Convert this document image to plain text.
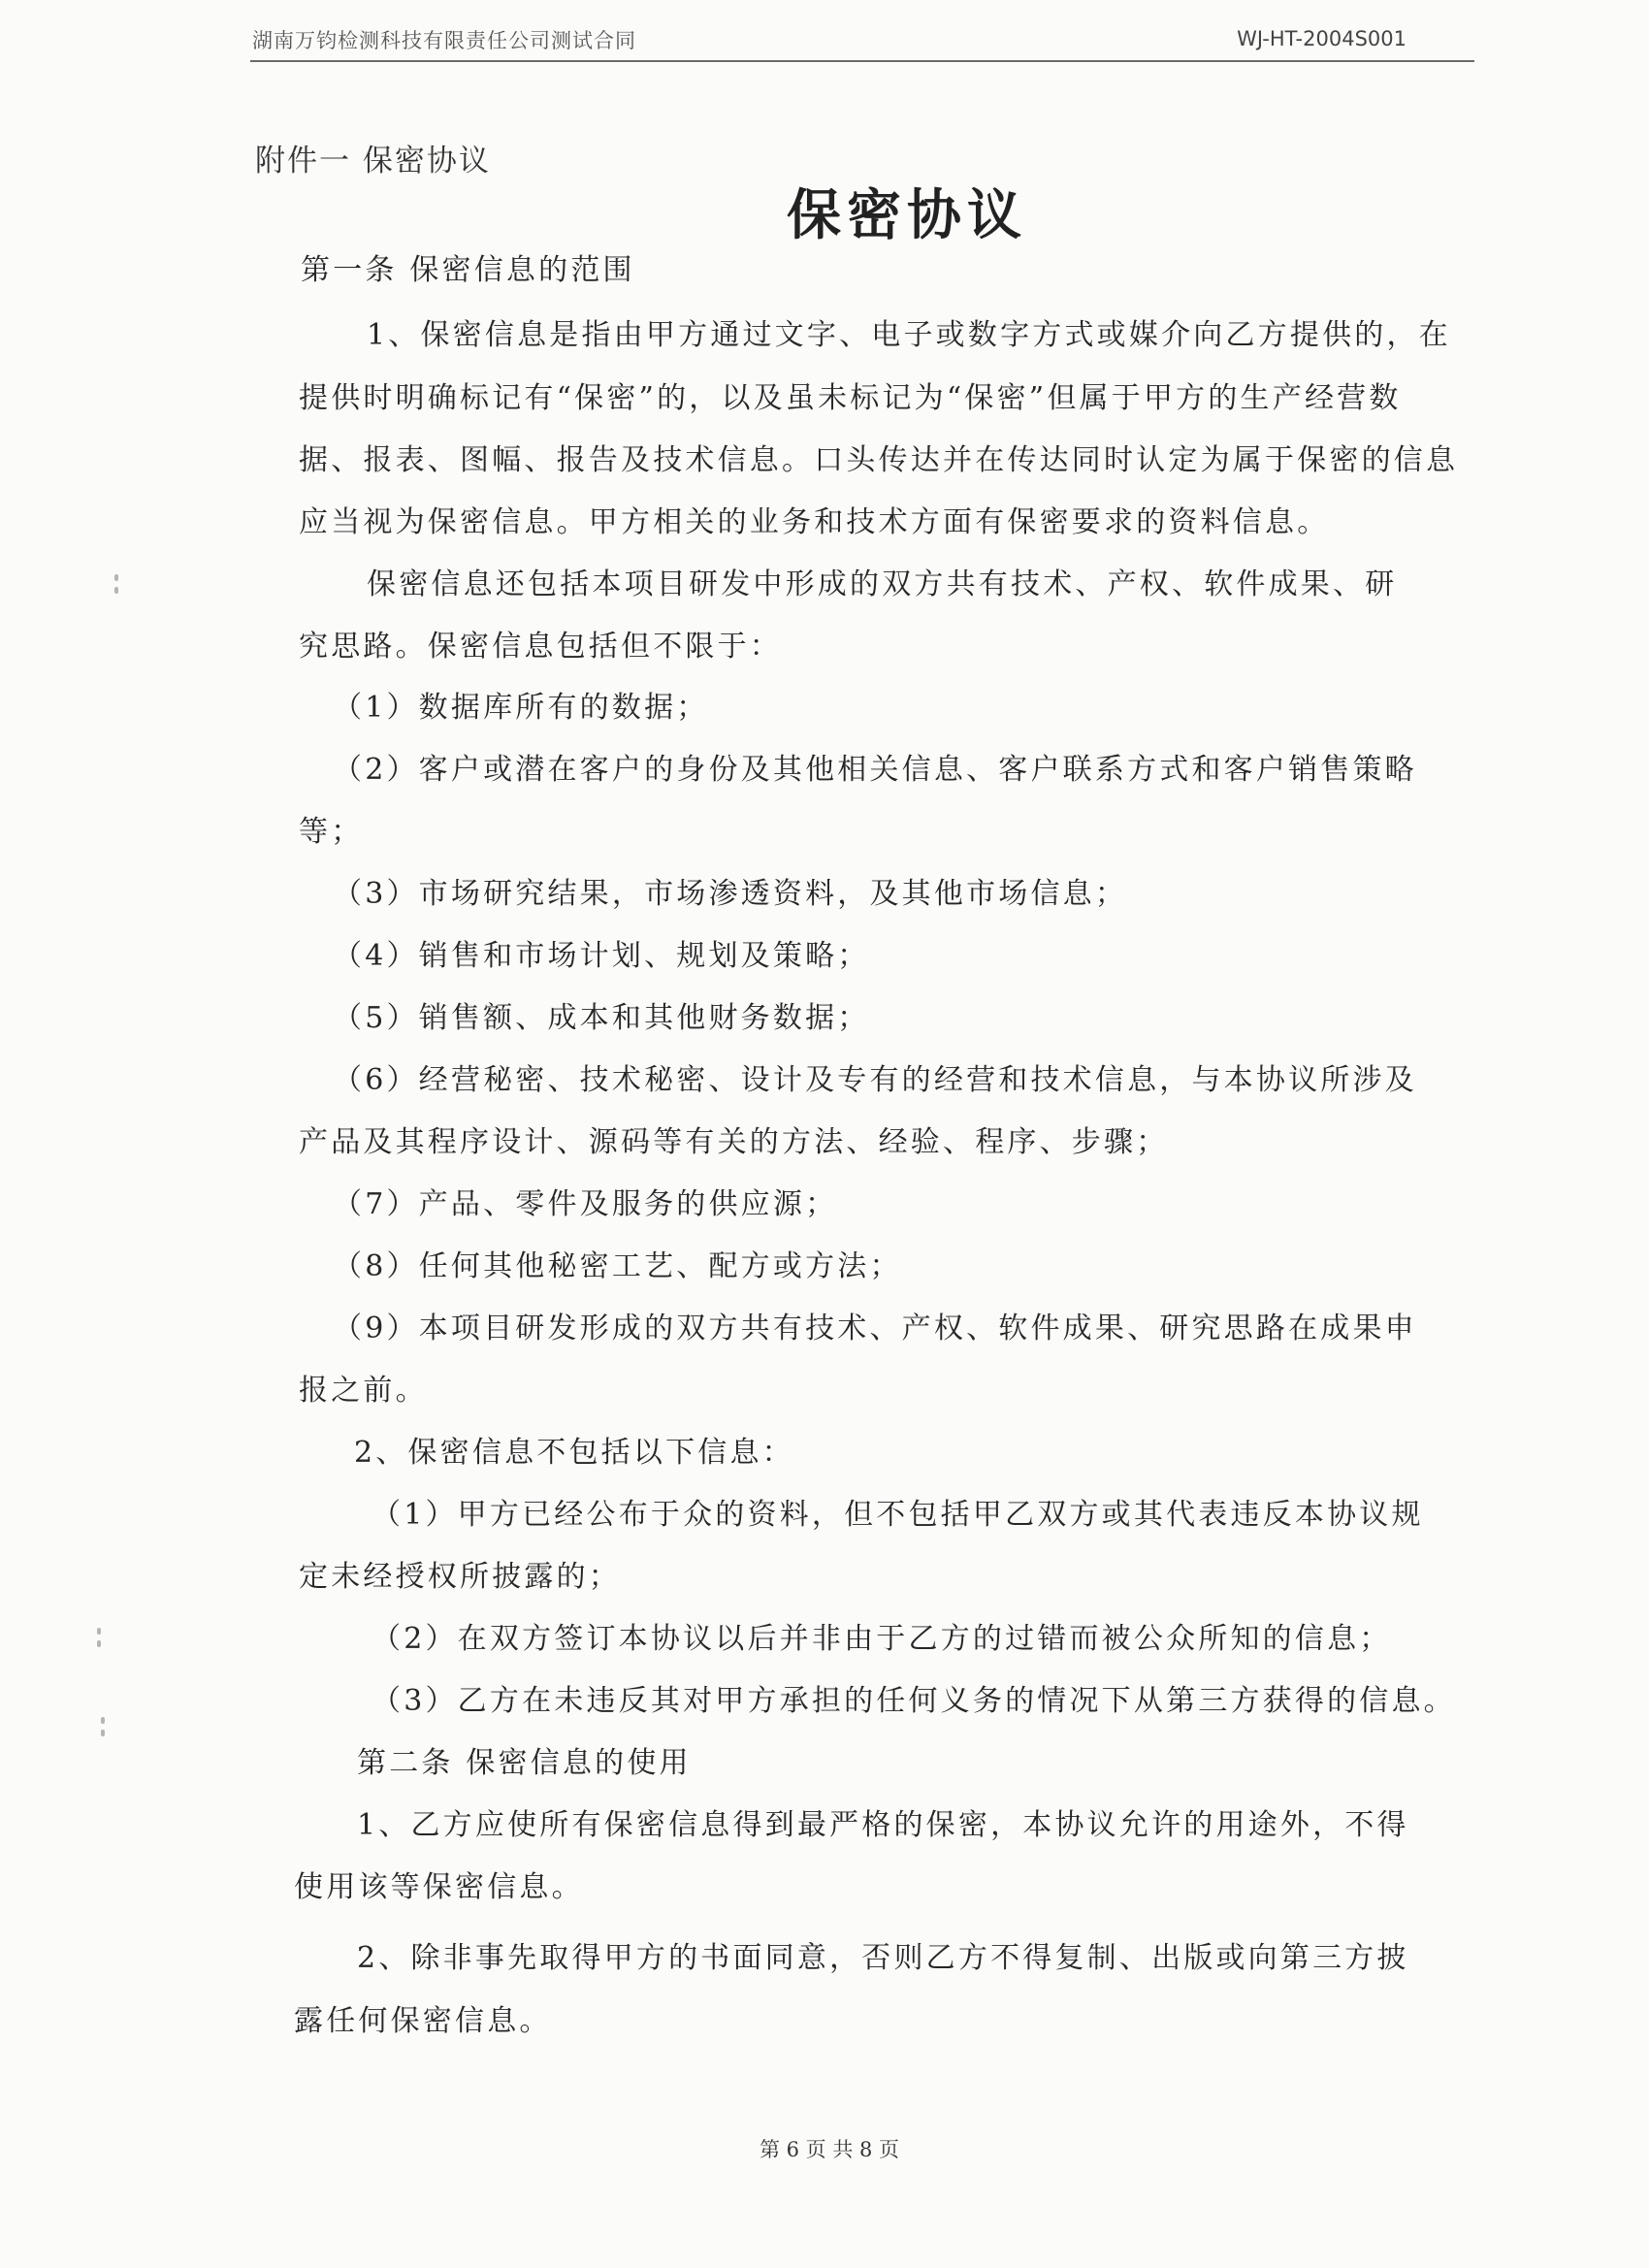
湖南万钧检测科技有限责任公司测试合同	WJ-HT-2004S001
附件一 保密协议
保密协议
第一条 保密信息的范围
1、保密信息是指由甲方通过文字、电子或数字方式或媒介向乙方提供的，在
提供时明确标记有“保密”的，以及虽未标记为“保密”但属于甲方的生产经营数
据、报表、图幅、报告及技术信息。口头传达并在传达同时认定为属于保密的信息
应当视为保密信息。甲方相关的业务和技术方面有保密要求的资料信息。
保密信息还包括本项目研发中形成的双方共有技术、产权、软件成果、研
究思路。保密信息包括但不限于：
（1）数据库所有的数据；
（2）客户或潜在客户的身份及其他相关信息、客户联系方式和客户销售策略
等；
（3）市场研究结果，市场渗透资料，及其他市场信息；
（4）销售和市场计划、规划及策略；
（5）销售额、成本和其他财务数据；
（6）经营秘密、技术秘密、设计及专有的经营和技术信息，与本协议所涉及
产品及其程序设计、源码等有关的方法、经验、程序、步骤；
（7）产品、零件及服务的供应源；
（8）任何其他秘密工艺、配方或方法；
（9）本项目研发形成的双方共有技术、产权、软件成果、研究思路在成果申
报之前。
2、保密信息不包括以下信息：
（1）甲方已经公布于众的资料，但不包括甲乙双方或其代表违反本协议规
定未经授权所披露的；
（2）在双方签订本协议以后并非由于乙方的过错而被公众所知的信息；
（3）乙方在未违反其对甲方承担的任何义务的情况下从第三方获得的信息。
第二条 保密信息的使用
1、乙方应使所有保密信息得到最严格的保密，本协议允许的用途外，不得
使用该等保密信息。
2、除非事先取得甲方的书面同意，否则乙方不得复制、出版或向第三方披
露任何保密信息。
第 6 页 共 8 页
